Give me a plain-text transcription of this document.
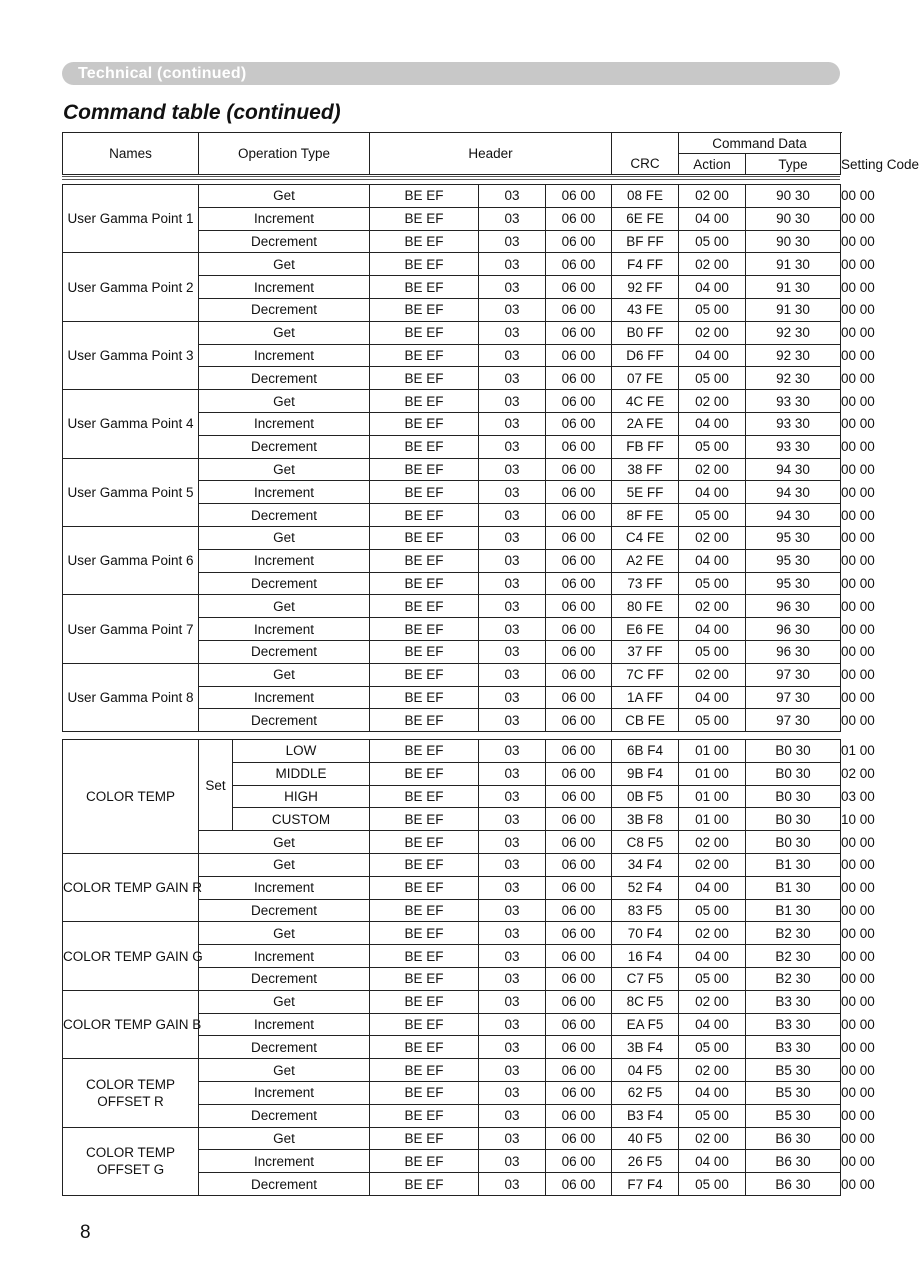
Technical (continued)
Command table (continued)
Names	Operation Type	Header		Command Data		
			CRC	Action	Type	Setting Code
User Gamma Point 1	Get	BE EF	03	06 00	08 FE	02 00	90 30	00 00
	Increment	BE EF	03	06 00	6E FE	04 00	90 30	00 00
	Decrement	BE EF	03	06 00	BF FF	05 00	90 30	00 00
User Gamma Point 2	Get	BE EF	03	06 00	F4 FF	02 00	91 30	00 00
	Increment	BE EF	03	06 00	92 FF	04 00	91 30	00 00
	Decrement	BE EF	03	06 00	43 FE	05 00	91 30	00 00
User Gamma Point 3	Get	BE EF	03	06 00	B0 FF	02 00	92 30	00 00
	Increment	BE EF	03	06 00	D6 FF	04 00	92 30	00 00
	Decrement	BE EF	03	06 00	07 FE	05 00	92 30	00 00
User Gamma Point 4	Get	BE EF	03	06 00	4C FE	02 00	93 30	00 00
	Increment	BE EF	03	06 00	2A FE	04 00	93 30	00 00
	Decrement	BE EF	03	06 00	FB FF	05 00	93 30	00 00
User Gamma Point 5	Get	BE EF	03	06 00	38 FF	02 00	94 30	00 00
	Increment	BE EF	03	06 00	5E FF	04 00	94 30	00 00
	Decrement	BE EF	03	06 00	8F FE	05 00	94 30	00 00
User Gamma Point 6	Get	BE EF	03	06 00	C4 FE	02 00	95 30	00 00
	Increment	BE EF	03	06 00	A2 FE	04 00	95 30	00 00
	Decrement	BE EF	03	06 00	73 FF	05 00	95 30	00 00
User Gamma Point 7	Get	BE EF	03	06 00	80 FE	02 00	96 30	00 00
	Increment	BE EF	03	06 00	E6 FE	04 00	96 30	00 00
	Decrement	BE EF	03	06 00	37 FF	05 00	96 30	00 00
User Gamma Point 8	Get	BE EF	03	06 00	7C FF	02 00	97 30	00 00
	Increment	BE EF	03	06 00	1A FF	04 00	97 30	00 00
	Decrement	BE EF	03	06 00	CB FE	05 00	97 30	00 00
COLOR TEMP	Set	LOW	BE EF	03	06 00	6B F4	01 00	B0 30	01 00
		MIDDLE	BE EF	03	06 00	9B F4	01 00	B0 30	02 00
		HIGH	BE EF	03	06 00	0B F5	01 00	B0 30	03 00
		CUSTOM	BE EF	03	06 00	3B F8	01 00	B0 30	10 00
	Get		BE EF	03	06 00	C8 F5	02 00	B0 30	00 00
COLOR TEMP GAIN R	Get		BE EF	03	06 00	34 F4	02 00	B1 30	00 00
	Increment		BE EF	03	06 00	52 F4	04 00	B1 30	00 00
	Decrement		BE EF	03	06 00	83 F5	05 00	B1 30	00 00
COLOR TEMP GAIN G	Get		BE EF	03	06 00	70 F4	02 00	B2 30	00 00
	Increment		BE EF	03	06 00	16 F4	04 00	B2 30	00 00
	Decrement		BE EF	03	06 00	C7 F5	05 00	B2 30	00 00
COLOR TEMP GAIN B	Get		BE EF	03	06 00	8C F5	02 00	B3 30	00 00
	Increment		BE EF	03	06 00	EA F5	04 00	B3 30	00 00
	Decrement		BE EF	03	06 00	3B F4	05 00	B3 30	00 00
COLOR TEMP OFFSET R	Get		BE EF	03	06 00	04 F5	02 00	B5 30	00 00
	Increment		BE EF	03	06 00	62 F5	04 00	B5 30	00 00
	Decrement		BE EF	03	06 00	B3 F4	05 00	B5 30	00 00
COLOR TEMP OFFSET G	Get		BE EF	03	06 00	40 F5	02 00	B6 30	00 00
	Increment		BE EF	03	06 00	26 F5	04 00	B6 30	00 00
	Decrement		BE EF	03	06 00	F7 F4	05 00	B6 30	00 00
8
